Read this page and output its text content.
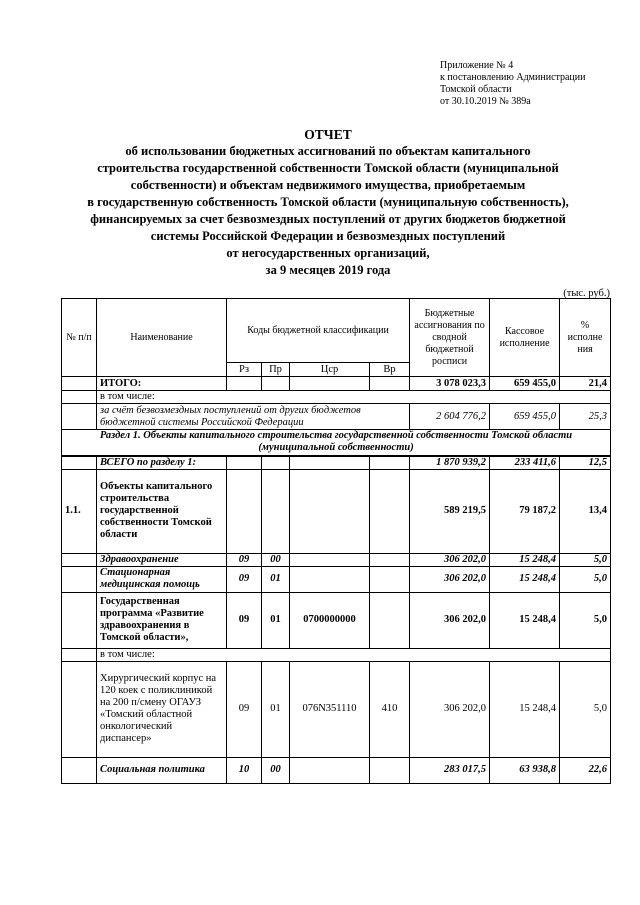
Приложение № 4
к постановлению Администрации
Томской области
от 30.10.2019 № 389а
ОТЧЕТ
об использовании бюджетных ассигнований по объектам капитального
строительства государственной собственности Томской области (муниципальной
собственности) и объектам недвижимого имущества, приобретаемым
в государственную собственность Томской области (муниципальную собственность),
финансируемых за счет безвозмездных поступлений от других бюджетов бюджетной
системы Российской Федерации и безвозмездных поступлений
от негосударственных организаций,
за 9 месяцев 2019 года
(тыс. руб.)
№ п/п	Наименование	Коды бюджетной классификации				Бюджетные ассигнования по сводной бюджетной росписи	Кассовое исполнение	% исполне ния
		Рз	Пр	Цср	Вр			
	ИТОГО:					3 078 023,3	659 455,0	21,4
	в том числе:							
	за счёт безвозмездных поступлений от других бюджетов бюджетной системы Российской Федерации					2 604 776,2	659 455,0	25,3
Раздел 1. Объекты капитального строительства государственной собственности Томской области (муниципальной собственности)								
	ВСЕГО по разделу 1:					1 870 939,2	233 411,6	12,5
1.1.	Объекты капитального строительства государственной собственности Томской области					589 219,5	79 187,2	13,4
	Здравоохранение	09	00			306 202,0	15 248,4	5,0
	Стационарная медицинская помощь	09	01			306 202,0	15 248,4	5,0
	Государственная программа «Развитие здравоохранения в Томской области»,	09	01	0700000000		306 202,0	15 248,4	5,0
	в том числе:							
	Хирургический корпус на 120 коек с поликлиникой на 200 п/смену ОГАУЗ «Томский областной онкологический диспансер»	09	01	076N351110	410	306 202,0	15 248,4	5,0
	Социальная политика	10	00			283 017,5	63 938,8	22,6
